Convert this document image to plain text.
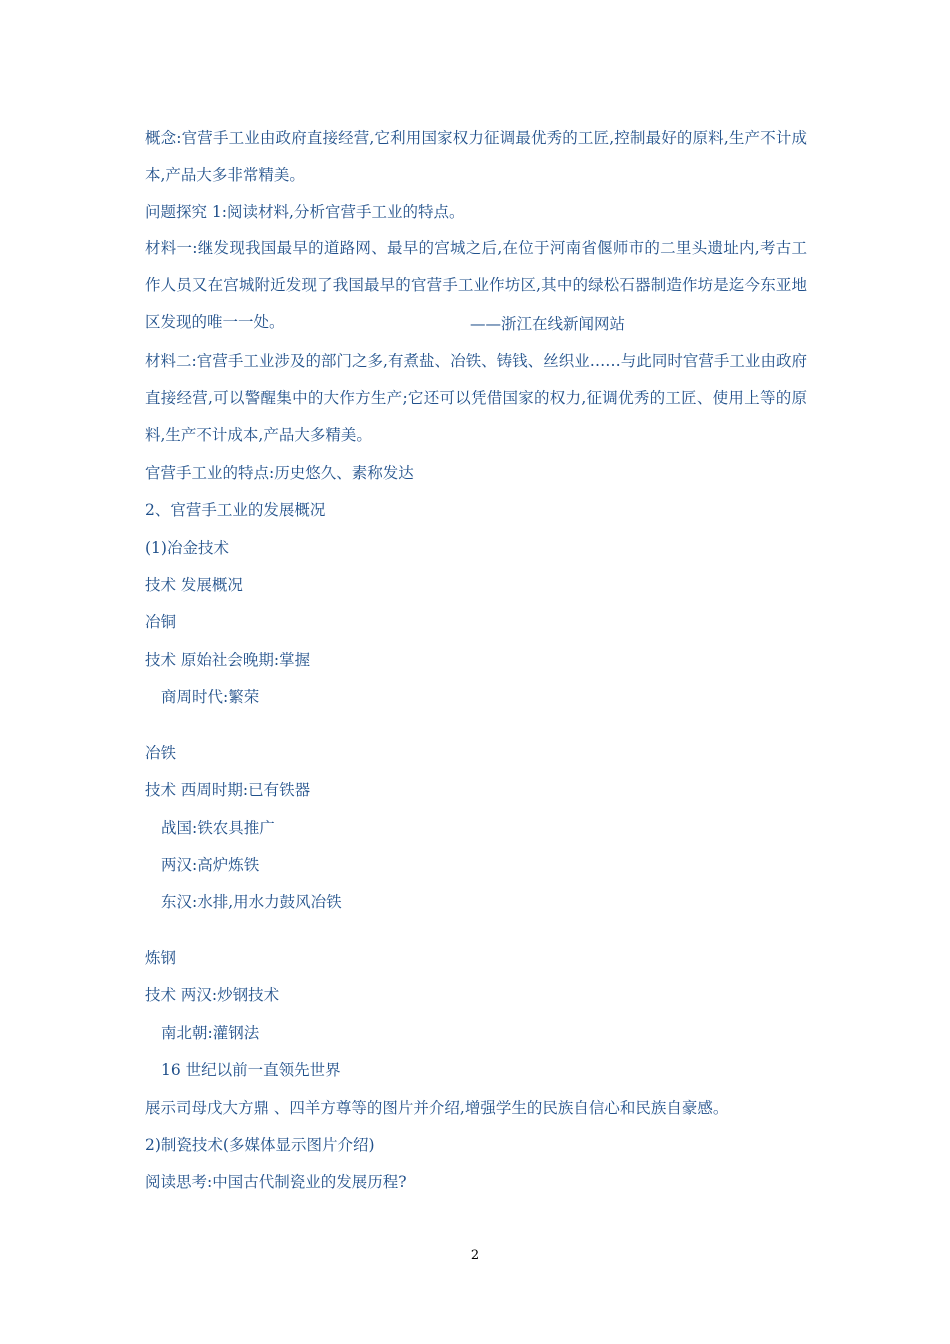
概念:官营手工业由政府直接经营,它利用国家权力征调最优秀的工匠,控制最好的原料,生产不计成本,产品大多非常精美。
问题探究 1:阅读材料,分析官营手工业的特点。
材料一:继发现我国最早的道路网、最早的宫城之后,在位于河南省偃师市的二里头遗址内,考古工作人员又在宫城附近发现了我国最早的官营手工业作坊区,其中的绿松石器制造作坊是迄今东亚地区发现的唯一一处。	——浙江在线新闻网站
材料二:官营手工业涉及的部门之多,有煮盐、冶铁、铸钱、丝织业……与此同时官营手工业由政府直接经营,可以警醒集中的大作方生产;它还可以凭借国家的权力,征调优秀的工匠、使用上等的原料,生产不计成本,产品大多精美。
官营手工业的特点:历史悠久、素称发达
2、官营手工业的发展概况
(1)冶金技术
技术 发展概况
冶铜
技术 原始社会晚期:掌握
商周时代:繁荣
冶铁
技术 西周时期:已有铁器
战国:铁农具推广
两汉:高炉炼铁
东汉:水排,用水力鼓风冶铁
炼钢
技术 两汉:炒钢技术
南北朝:灌钢法
16 世纪以前一直领先世界
展示司母戊大方鼎 、四羊方尊等的图片并介绍,增强学生的民族自信心和民族自豪感。
2)制瓷技术(多媒体显示图片介绍)
阅读思考:中国古代制瓷业的发展历程?
2
